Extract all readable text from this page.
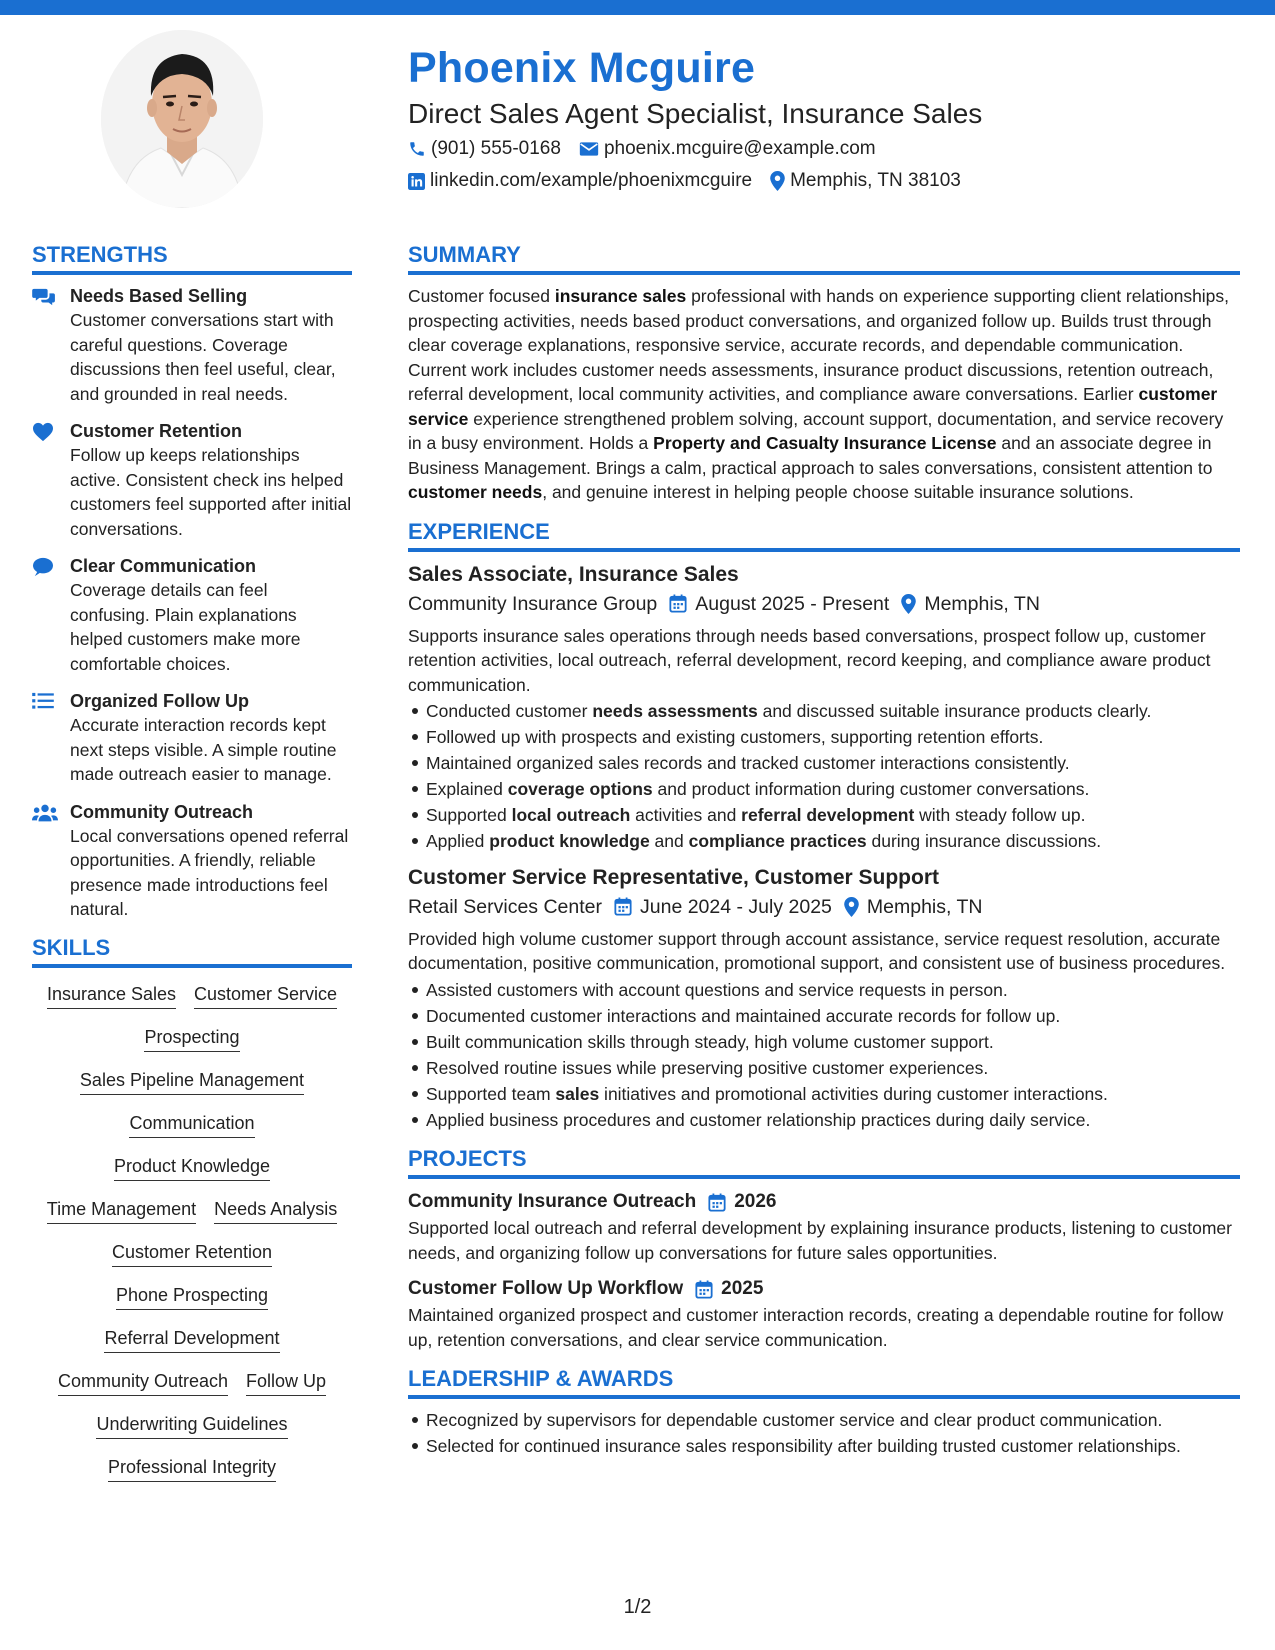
Phoenix Mcguire
Direct Sales Agent Specialist, Insurance Sales
(901) 555-0168 phoenix.mcguire@example.com
linkedin.com/example/phoenixmcguire Memphis, TN 38103
STRENGTHS
Needs Based Selling
Customer conversations start with careful questions. Coverage discussions then feel useful, clear, and grounded in real needs.
Customer Retention
Follow up keeps relationships active. Consistent check ins helped customers feel supported after initial conversations.
Clear Communication
Coverage details can feel confusing. Plain explanations helped customers make more comfortable choices.
Organized Follow Up
Accurate interaction records kept next steps visible. A simple routine made outreach easier to manage.
Community Outreach
Local conversations opened referral opportunities. A friendly, reliable presence made introductions feel natural.
SKILLS
Insurance Sales Customer Service
Prospecting
Sales Pipeline Management
Communication
Product Knowledge
Time Management Needs Analysis
Customer Retention
Phone Prospecting
Referral Development
Community Outreach Follow Up
Underwriting Guidelines
Professional Integrity
SUMMARY

Customer focused insurance sales professional with hands on experience supporting client relationships, prospecting activities, needs based product conversations, and organized follow up. Builds trust through clear coverage explanations, responsive service, accurate records, and dependable communication. Current work includes customer needs assessments, insurance product discussions, retention outreach, referral development, local community activities, and compliance aware conversations. Earlier customer service experience strengthened problem solving, account support, documentation, and service recovery in a busy environment. Holds a Property and Casualty Insurance License and an associate degree in Business Management. Brings a calm, practical approach to sales conversations, consistent attention to customer needs, and genuine interest in helping people choose suitable insurance solutions.

EXPERIENCE
Sales Associate, Insurance Sales
Community Insurance Group August 2025 - Present Memphis, TN

Supports insurance sales operations through needs based conversations, prospect follow up, customer retention activities, local outreach, referral development, record keeping, and compliance aware product communication.

Conducted customer needs assessments and discussed suitable insurance products clearly.
Followed up with prospects and existing customers, supporting retention efforts.
Maintained organized sales records and tracked customer interactions consistently.
Explained coverage options and product information during customer conversations.
Supported local outreach activities and referral development with steady follow up.
Applied product knowledge and compliance practices during insurance discussions.
Customer Service Representative, Customer Support
Retail Services Center June 2024 - July 2025 Memphis, TN

Provided high volume customer support through account assistance, service request resolution, accurate documentation, positive communication, promotional support, and consistent use of business procedures.

Assisted customers with account questions and service requests in person.
Documented customer interactions and maintained accurate records for follow up.
Built communication skills through steady, high volume customer support.
Resolved routine issues while preserving positive customer experiences.
Supported team sales initiatives and promotional activities during customer interactions.
Applied business procedures and customer relationship practices during daily service.
PROJECTS
Community Insurance Outreach 2026

Supported local outreach and referral development by explaining insurance products, listening to customer needs, and organizing follow up conversations for future sales opportunities.

Customer Follow Up Workflow 2025

Maintained organized prospect and customer interaction records, creating a dependable routine for follow up, retention conversations, and clear service communication.

LEADERSHIP & AWARDS
Recognized by supervisors for dependable customer service and clear product communication.
Selected for continued insurance sales responsibility after building trusted customer relationships.
1/2
